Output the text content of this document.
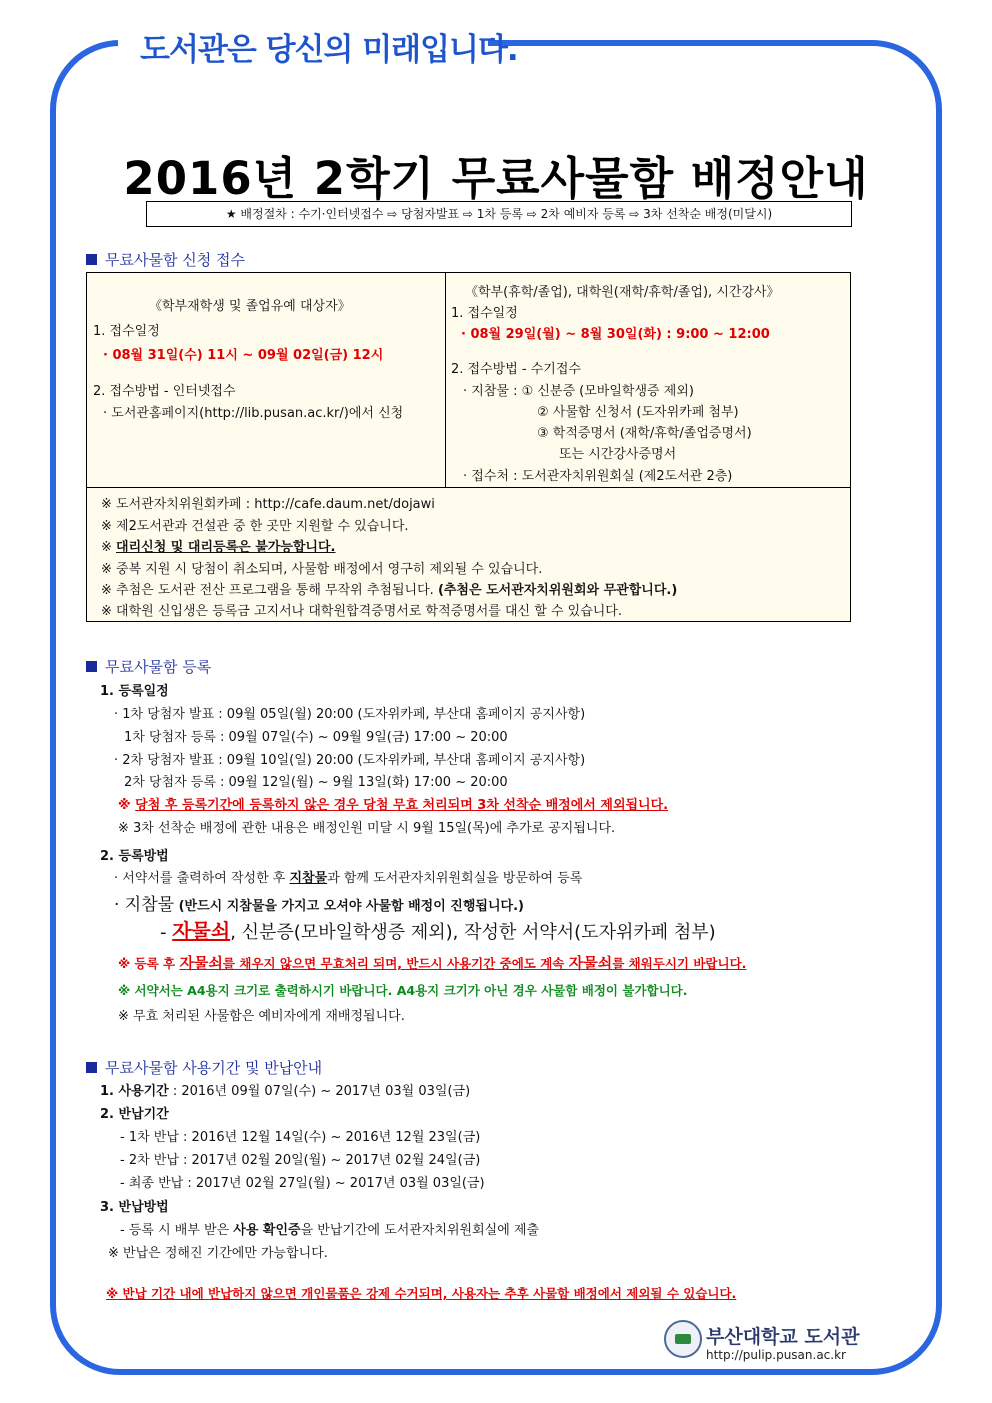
도서관은 당신의 미래입니다.
2016년 2학기 무료사물함 배정안내
★ 배정절차 : 수기·인터넷접수 ⇨ 당첨자발표 ⇨ 1차 등록 ⇨ 2차 예비자 등록 ⇨ 3차 선착순 배정(미달시)
무료사물함 신청 접수
《학부재학생 및 졸업유예 대상자》
1. 접수일정
· 08월 31일(수) 11시 ~ 09월 02일(금) 12시
2. 접수방법 - 인터넷접수
· 도서관홈페이지(http://lib.pusan.ac.kr/)에서 신청
《학부(휴학/졸업), 대학원(재학/휴학/졸업), 시간강사》
1. 접수일정
· 08월 29일(월) ~ 8월 30일(화) : 9:00 ~ 12:00
2. 접수방법 - 수기접수
· 지참물 : ① 신분증 (모바일학생증 제외)
② 사물함 신청서 (도자위카페 첨부)
③ 학적증명서 (재학/휴학/졸업증명서)
또는 시간강사증명서
· 접수처 : 도서관자치위원회실 (제2도서관 2층)
※ 도서관자치위원회카페 : http://cafe.daum.net/dojawi
※ 제2도서관과 건설관 중 한 곳만 지원할 수 있습니다.
※ 대리신청 및 대리등록은 불가능합니다.
※ 중복 지원 시 당첨이 취소되며, 사물함 배정에서 영구히 제외될 수 있습니다.
※ 추첨은 도서관 전산 프로그램을 통해 무작위 추첨됩니다. (추첨은 도서관자치위원회와 무관합니다.)
※ 대학원 신입생은 등록금 고지서나 대학원합격증명서로 학적증명서를 대신 할 수 있습니다.
무료사물함 등록
1. 등록일정
· 1차 당첨자 발표 : 09월 05일(월) 20:00 (도자위카페, 부산대 홈페이지 공지사항)
1차 당첨자 등록 : 09월 07일(수) ~ 09월 9일(금) 17:00 ~ 20:00
· 2차 당첨자 발표 : 09월 10일(일) 20:00 (도자위카페, 부산대 홈페이지 공지사항)
2차 당첨자 등록 : 09월 12일(월) ~ 9월 13일(화) 17:00 ~ 20:00
※ 당첨 후 등록기간에 등록하지 않은 경우 당첨 무효 처리되며 3차 선착순 배정에서 제외됩니다.
※ 3차 선착순 배정에 관한 내용은 배정인원 미달 시 9월 15일(목)에 추가로 공지됩니다.
2. 등록방법
· 서약서를 출력하여 작성한 후 지참물과 함께 도서관자치위원회실을 방문하여 등록
· 지참물 (반드시 지참물을 가지고 오셔야 사물함 배정이 진행됩니다.)
- 자물쇠, 신분증(모바일학생증 제외), 작성한 서약서(도자위카페 첨부)
※ 등록 후 자물쇠를 채우지 않으면 무효처리 되며, 반드시 사용기간 중에도 계속 자물쇠를 채워두시기 바랍니다.
※ 서약서는 A4용지 크기로 출력하시기 바랍니다. A4용지 크기가 아닌 경우 사물함 배정이 불가합니다.
※ 무효 처리된 사물함은 예비자에게 재배정됩니다.
무료사물함 사용기간 및 반납안내
1. 사용기간 : 2016년 09월 07일(수) ~ 2017년 03월 03일(금)
2. 반납기간
- 1차 반납 : 2016년 12월 14일(수) ~ 2016년 12월 23일(금)
- 2차 반납 : 2017년 02월 20일(월) ~ 2017년 02월 24일(금)
- 최종 반납 : 2017년 02월 27일(월) ~ 2017년 03월 03일(금)
3. 반납방법
- 등록 시 배부 받은 사용 확인증을 반납기간에 도서관자치위원회실에 제출
※ 반납은 정해진 기간에만 가능합니다.
※ 반납 기간 내에 반납하지 않으면 개인물품은 강제 수거되며, 사용자는 추후 사물함 배정에서 제외될 수 있습니다.
부산대학교 도서관
http://pulip.pusan.ac.kr
